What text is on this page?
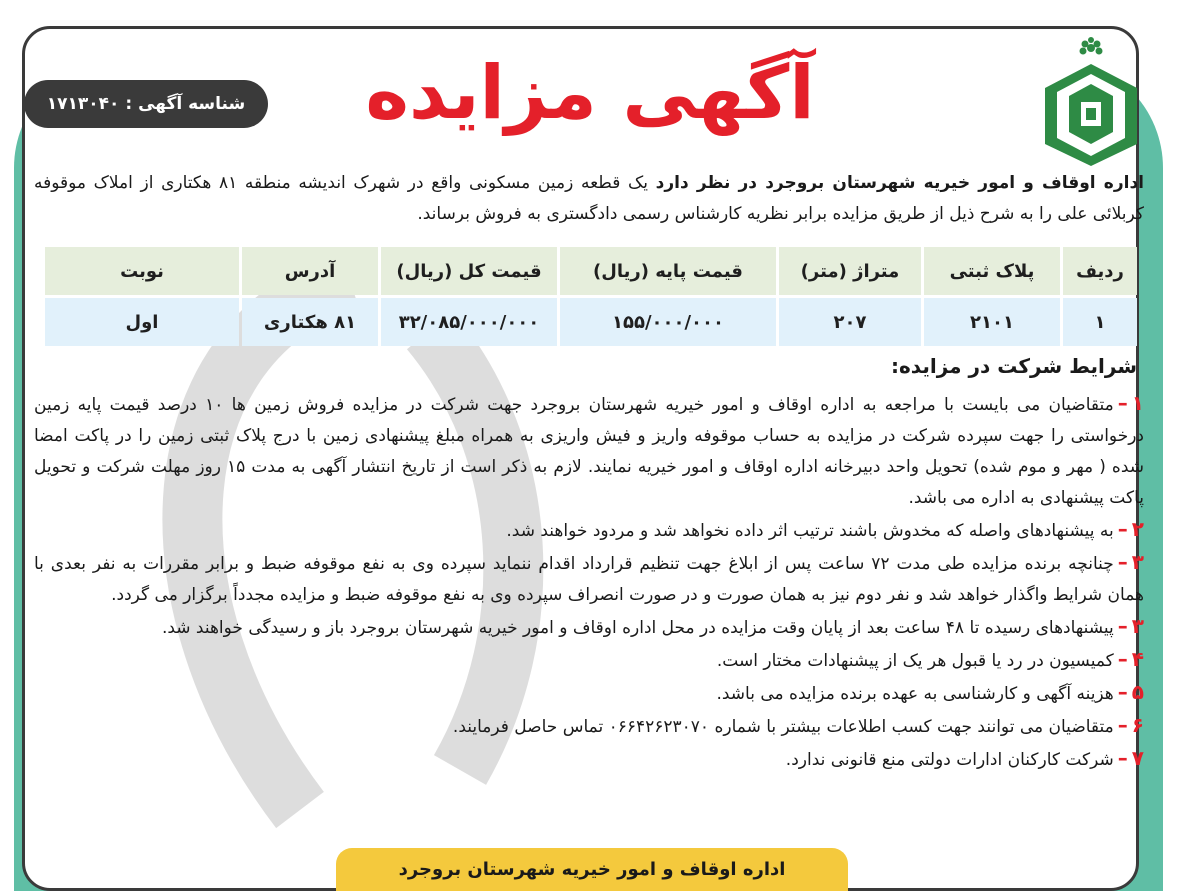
آگهی مزایده
شناسه آگهی : ۱۷۱۳۰۴۰
اداره اوقاف و امور خیریه شهرستان بروجرد در نظر دارد یک قطعه زمین مسکونی واقع در شهرک اندیشه منطقه ۸۱ هکتاری از املاک موقوفه کربلائی علی را به شرح ذیل از طریق مزایده برابر نظریه کارشناس رسمی دادگستری به فروش برساند.
ردیف	پلاک ثبتی	متراژ (متر)	قیمت پایه (ریال)	قیمت کل (ریال)	آدرس	نوبت
۱	۲۱۰۱	۲۰۷	۱۵۵/۰۰۰/۰۰۰	۳۲/۰۸۵/۰۰۰/۰۰۰	۸۱ هکتاری	اول
شرایط شرکت در مزایده:

۱–متقاضیان می بایست با مراجعه به اداره اوقاف و امور خیریه شهرستان بروجرد جهت شرکت در مزایده فروش زمین ها ۱۰ درصد قیمت پایه زمین درخواستی را جهت سپرده شرکت در مزایده به حساب موقوفه واریز و فیش واریزی به همراه مبلغ پیشنهادی زمین با درج پلاک ثبتی زمین را در پاکت امضا شده ( مهر و موم شده) تحویل واحد دبیرخانه اداره اوقاف و امور خیریه نمایند. لازم به ذکر است از تاریخ انتشار آگهی به مدت ۱۵ روز مهلت شرکت و تحویل پاکت پیشنهادی به اداره می باشد.

۲–به پیشنهادهای واصله که مخدوش باشند ترتیب اثر داده نخواهد شد و مردود خواهند شد.

۳–چنانچه برنده مزایده طی مدت ۷۲ ساعت پس از ابلاغ جهت تنظیم قرارداد اقدام ننماید سپرده وی به نفع موقوفه ضبط و برابر مقررات به نفر بعدی با همان شرایط واگذار خواهد شد و نفر دوم نیز به همان صورت و در صورت انصراف سپرده وی به نفع موقوفه ضبط و مزایده مجدداً برگزار می گردد.

۳–پیشنهادهای رسیده تا ۴۸ ساعت بعد از پایان وقت مزایده در محل اداره اوقاف و امور خیریه شهرستان بروجرد باز و رسیدگی خواهند شد.

۴–کمیسیون در رد یا قبول هر یک از پیشنهادات مختار است.

۵–هزینه آگهی و کارشناسی به عهده برنده مزایده می باشد.

۶–متقاضیان می توانند جهت کسب اطلاعات بیشتر با شماره ۰۶۶۴۲۶۲۳۰۷۰ تماس حاصل فرمایند.

۷–شرکت کارکنان ادارات دولتی منع قانونی ندارد.

اداره اوقاف و امور خیریه شهرستان بروجرد
